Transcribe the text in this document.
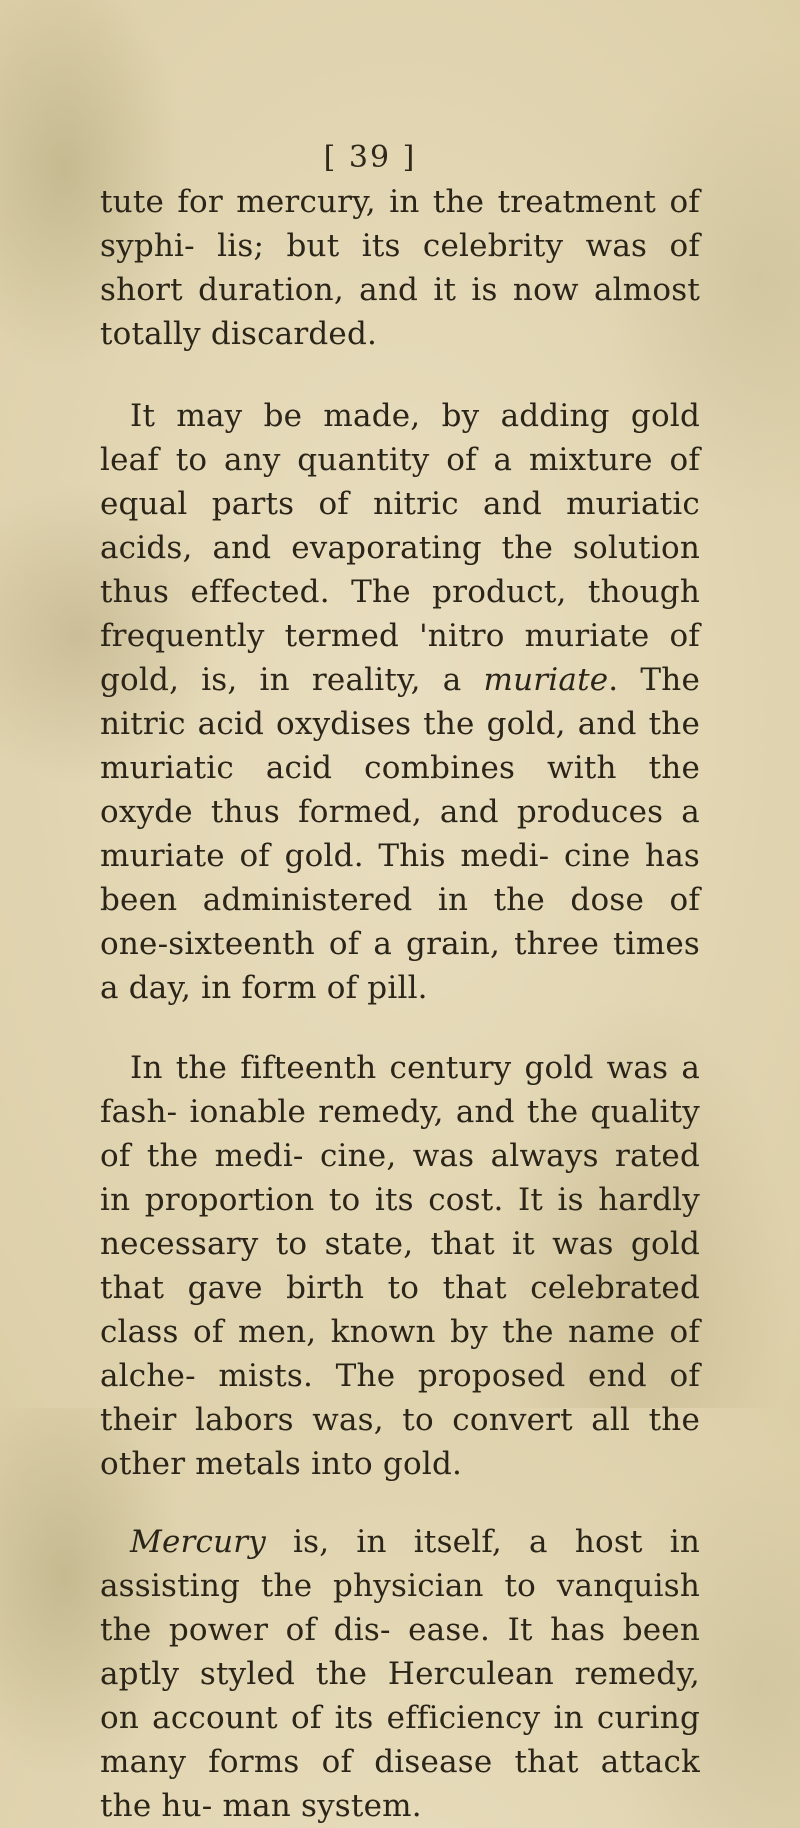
[ 39 ]

tute for mercury, in the treatment of syphi- lis; but its celebrity was of short duration, and it is now almost totally discarded.

It may be made, by adding gold leaf to any quantity of a mixture of equal parts of nitric and muriatic acids, and evaporating the solution thus effected. The product, though frequently termed 'nitro muriate of gold, is, in reality, a muriate. The nitric acid oxydises the gold, and the muriatic acid combines with the oxyde thus formed, and produces a muriate of gold. This medi- cine has been administered in the dose of one-sixteenth of a grain, three times a day, in form of pill.

In the fifteenth century gold was a fash- ionable remedy, and the quality of the medi- cine, was always rated in proportion to its cost. It is hardly necessary to state, that it was gold that gave birth to that celebrated class of men, known by the name of alche- mists. The proposed end of their labors was, to convert all the other metals into gold.

Mercury is, in itself, a host in assisting the physician to vanquish the power of dis- ease. It has been aptly styled the Herculean remedy, on account of its efficiency in curing many forms of disease that attack the hu- man system.
